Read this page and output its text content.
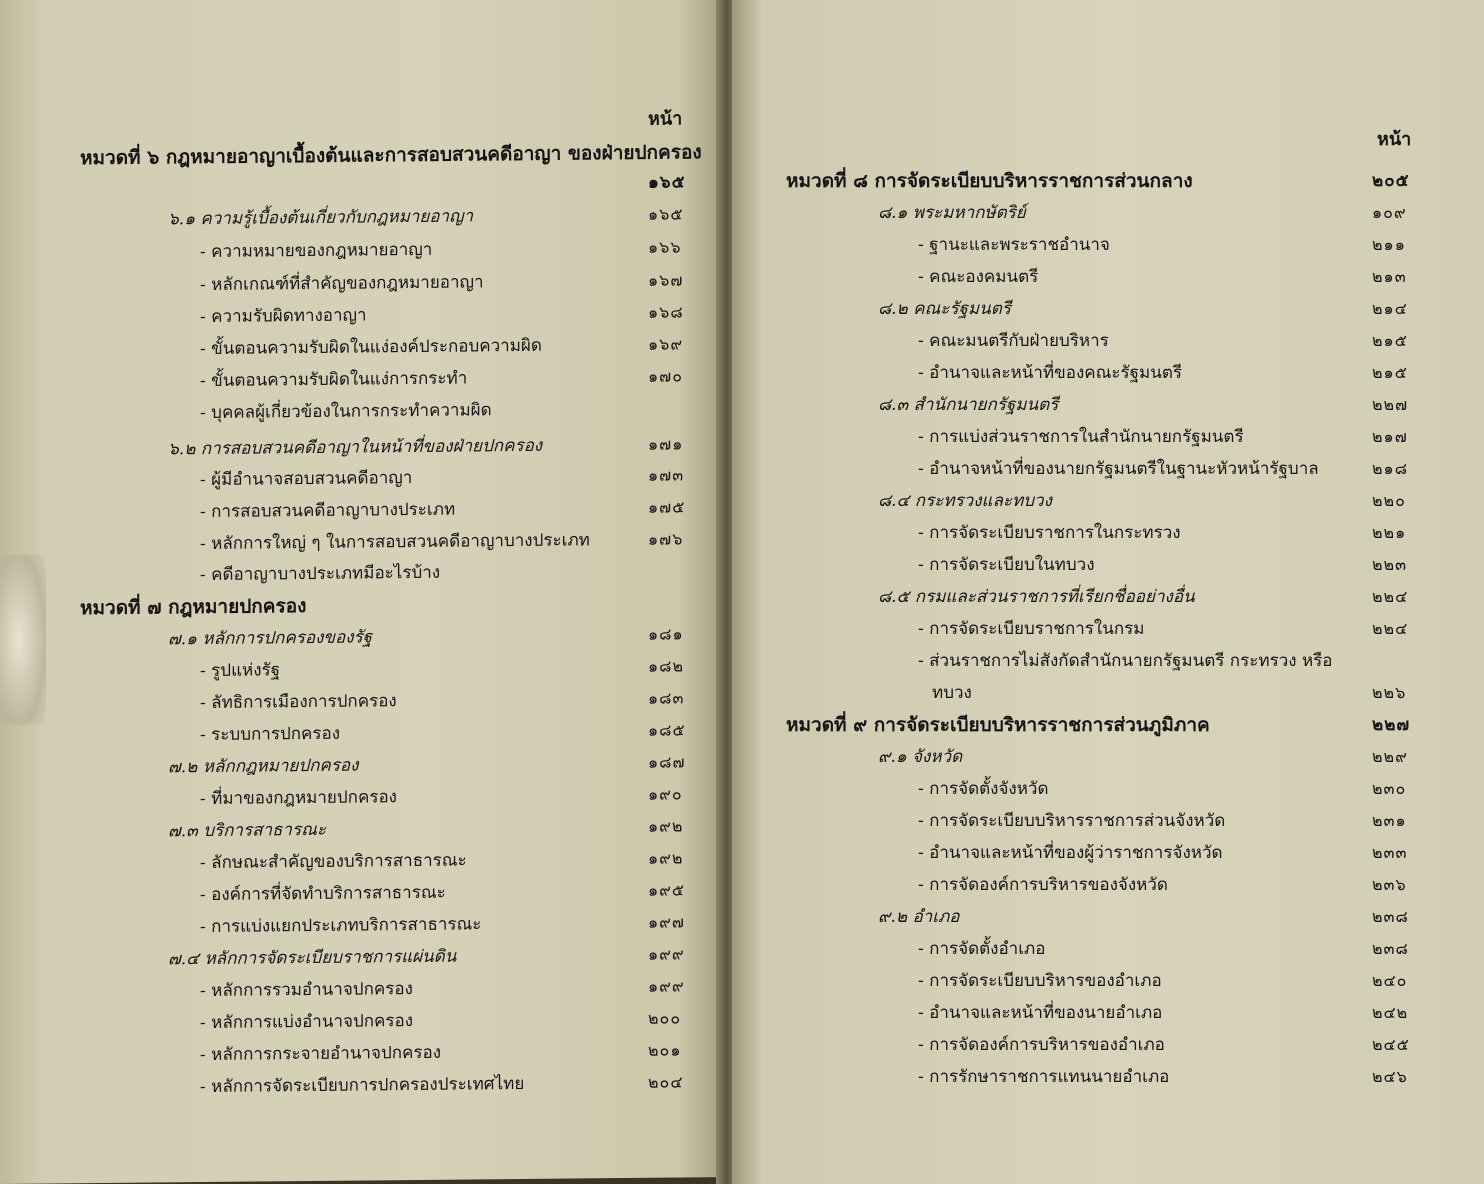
หน้า
หมวดที่ ๖ กฎหมายอาญาเบื้องต้นและการสอบสวนคดีอาญา ของฝ่ายปกครอง
๑๖๕
๖.๑ ความรู้เบื้องต้นเกี่ยวกับกฎหมายอาญา	๑๖๕
- ความหมายของกฎหมายอาญา	๑๖๖
- หลักเกณฑ์ที่สำคัญของกฎหมายอาญา	๑๖๗
- ความรับผิดทางอาญา	๑๖๘
- ขั้นตอนความรับผิดในแง่องค์ประกอบความผิด	๑๖๙
- ขั้นตอนความรับผิดในแง่การกระทำ	๑๗๐
- บุคคลผู้เกี่ยวข้องในการกระทำความผิด
๖.๒ การสอบสวนคดีอาญาในหน้าที่ของฝ่ายปกครอง	๑๗๑
- ผู้มีอำนาจสอบสวนคดีอาญา	๑๗๓
- การสอบสวนคดีอาญาบางประเภท	๑๗๕
- หลักการใหญ่ ๆ ในการสอบสวนคดีอาญาบางประเภท	๑๗๖
- คดีอาญาบางประเภทมีอะไรบ้าง
หมวดที่ ๗ กฎหมายปกครอง
๗.๑ หลักการปกครองของรัฐ	๑๘๑
- รูปแห่งรัฐ	๑๘๒
- ลัทธิการเมืองการปกครอง	๑๘๓
- ระบบการปกครอง	๑๘๕
๗.๒ หลักกฎหมายปกครอง	๑๘๗
- ที่มาของกฎหมายปกครอง	๑๙๐
๗.๓ บริการสาธารณะ	๑๙๒
- ลักษณะสำคัญของบริการสาธารณะ	๑๙๒
- องค์การที่จัดทำบริการสาธารณะ	๑๙๕
- การแบ่งแยกประเภทบริการสาธารณะ	๑๙๗
๗.๔ หลักการจัดระเบียบราชการแผ่นดิน	๑๙๙
- หลักการรวมอำนาจปกครอง	๑๙๙
- หลักการแบ่งอำนาจปกครอง	๒๐๐
- หลักการกระจายอำนาจปกครอง	๒๐๑
- หลักการจัดระเบียบการปกครองประเทศไทย	๒๐๔
หน้า
หมวดที่ ๘ การจัดระเบียบบริหารราชการส่วนกลาง	๒๐๕
๘.๑ พระมหากษัตริย์	๑๐๙
- ฐานะและพระราชอำนาจ	๒๑๑
- คณะองคมนตรี	๒๑๓
๘.๒ คณะรัฐมนตรี	๒๑๔
- คณะมนตรีกับฝ่ายบริหาร	๒๑๕
- อำนาจและหน้าที่ของคณะรัฐมนตรี	๒๑๕
๘.๓ สำนักนายกรัฐมนตรี	๒๒๗
- การแบ่งส่วนราชการในสำนักนายกรัฐมนตรี	๒๑๗
- อำนาจหน้าที่ของนายกรัฐมนตรีในฐานะหัวหน้ารัฐบาล	๒๑๘
๘.๔ กระทรวงและทบวง	๒๒๐
- การจัดระเบียบราชการในกระทรวง	๒๒๑
- การจัดระเบียบในทบวง	๒๒๓
๘.๕ กรมและส่วนราชการที่เรียกชื่ออย่างอื่น	๒๒๔
- การจัดระเบียบราชการในกรม	๒๒๔
- ส่วนราชการไม่สังกัดสำนักนายกรัฐมนตรี กระทรวง หรือ
ทบวง	๒๒๖
หมวดที่ ๙ การจัดระเบียบบริหารราชการส่วนภูมิภาค	๒๒๗
๙.๑ จังหวัด	๒๒๙
- การจัดตั้งจังหวัด	๒๓๐
- การจัดระเบียบบริหารราชการส่วนจังหวัด	๒๓๑
- อำนาจและหน้าที่ของผู้ว่าราชการจังหวัด	๒๓๓
- การจัดองค์การบริหารของจังหวัด	๒๓๖
๙.๒ อำเภอ	๒๓๘
- การจัดตั้งอำเภอ	๒๓๘
- การจัดระเบียบบริหารของอำเภอ	๒๔๐
- อำนาจและหน้าที่ของนายอำเภอ	๒๔๒
- การจัดองค์การบริหารของอำเภอ	๒๔๕
- การรักษาราชการแทนนายอำเภอ	๒๔๖
